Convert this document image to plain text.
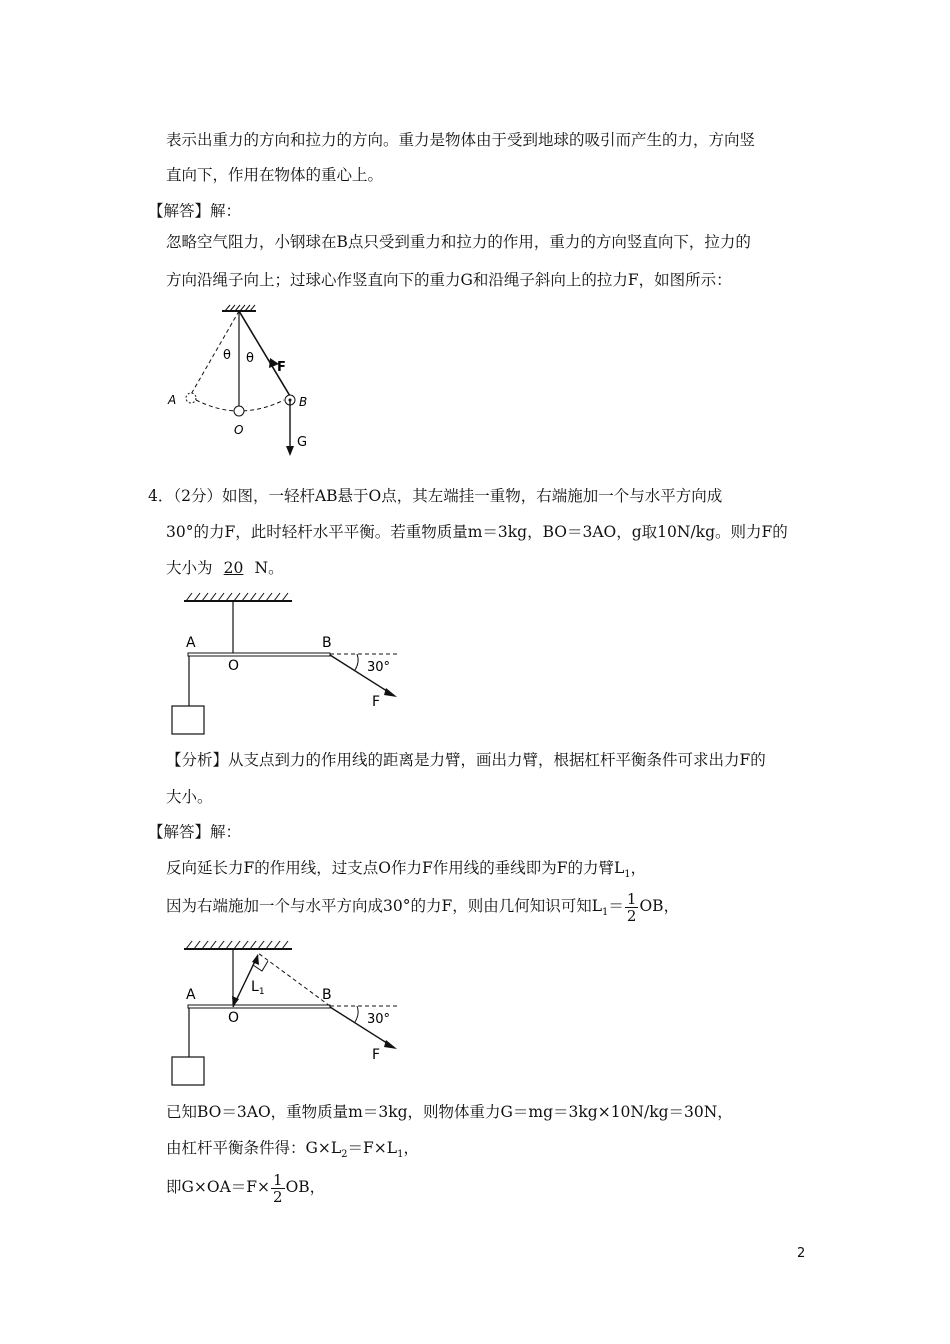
表示出重力的方向和拉力的方向。重力是物体由于受到地球的吸引而产生的力，方向竖
直向下，作用在物体的重心上。
【解答】解：
忽略空气阻力，小钢球在B点只受到重力和拉力的作用，重力的方向竖直向下，拉力的
方向沿绳子向上；过球心作竖直向下的重力G和沿绳子斜向上的拉力F，如图所示：
θ θ
F
A	B
O
G
4．（2分）如图，一轻杆AB悬于O点，其左端挂一重物，右端施加一个与水平方向成
30°的力F，此时轻杆水平平衡。若重物质量m＝3kg，BO＝3AO，g取10N/kg。则力F的
大小为 20 N。
A
O
B
30°
F
【分析】从支点到力的作用线的距离是力臂，画出力臂，根据杠杆平衡条件可求出力F的
大小。
【解答】解：
反向延长力F的作用线，过支点O作力F作用线的垂线即为F的力臂$L_1$，
因为右端施加一个与水平方向成30°的力F，则由几何知识可知$L_1= \frac{1}{2}$ OB，
A
O
B
30°
F
$L_1$
已知BO＝3AO，重物质量m＝3kg，则物体重力G＝mg＝3kg×10N/kg＝30N，
由杠杆平衡条件得：$G\times L_2=F\times L_1$，
即$G\times OA=F\times \frac{1}{2}$ OB，
2
